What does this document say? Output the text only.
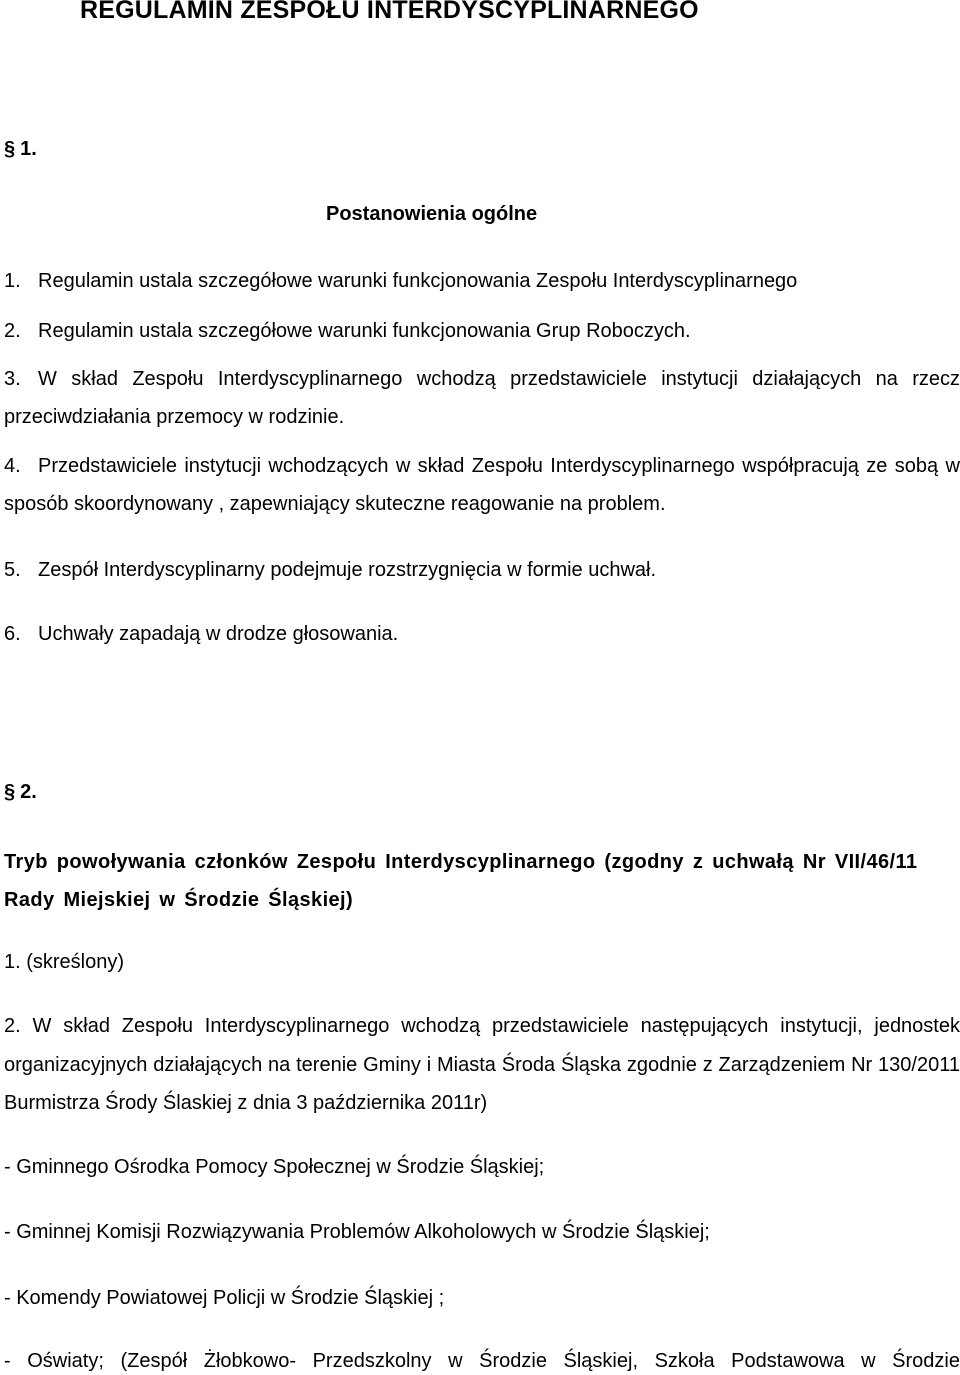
REGULAMIN ZESPOŁU INTERDYSCYPLINARNEGO
§ 1.
Postanowienia ogólne
1. Regulamin ustala szczegółowe warunki funkcjonowania Zespołu Interdyscyplinarnego
2. Regulamin ustala szczegółowe warunki funkcjonowania Grup Roboczych.
3. W skład Zespołu Interdyscyplinarnego wchodzą przedstawiciele instytucji działających na rzecz przeciwdziałania przemocy w rodzinie.
4. Przedstawiciele instytucji wchodzących w skład Zespołu Interdyscyplinarnego współpracują ze sobą w sposób skoordynowany , zapewniający skuteczne reagowanie na problem.
5. Zespół Interdyscyplinarny podejmuje rozstrzygnięcia w formie uchwał.
6. Uchwały zapadają w drodze głosowania.
§ 2.
Tryb powoływania członków Zespołu Interdyscyplinarnego (zgodny z uchwałą Nr VII/46/11 Rady Miejskiej w Środzie Śląskiej)
1. (skreślony)
2. W skład Zespołu Interdyscyplinarnego wchodzą przedstawiciele następujących instytucji, jednostek organizacyjnych działających na terenie Gminy i Miasta Środa Śląska zgodnie z Zarządzeniem Nr 130/2011 Burmistrza Środy Ślaskiej z dnia 3 października 2011r)
- Gminnego Ośrodka Pomocy Społecznej w Środzie Śląskiej;
- Gminnej Komisji Rozwiązywania Problemów Alkoholowych w Środzie Śląskiej;
- Komendy Powiatowej Policji w Środzie Śląskiej ;
- Oświaty; (Zespół Żłobkowo- Przedszkolny w Środzie Śląskiej, Szkoła Podstawowa w Środzie
